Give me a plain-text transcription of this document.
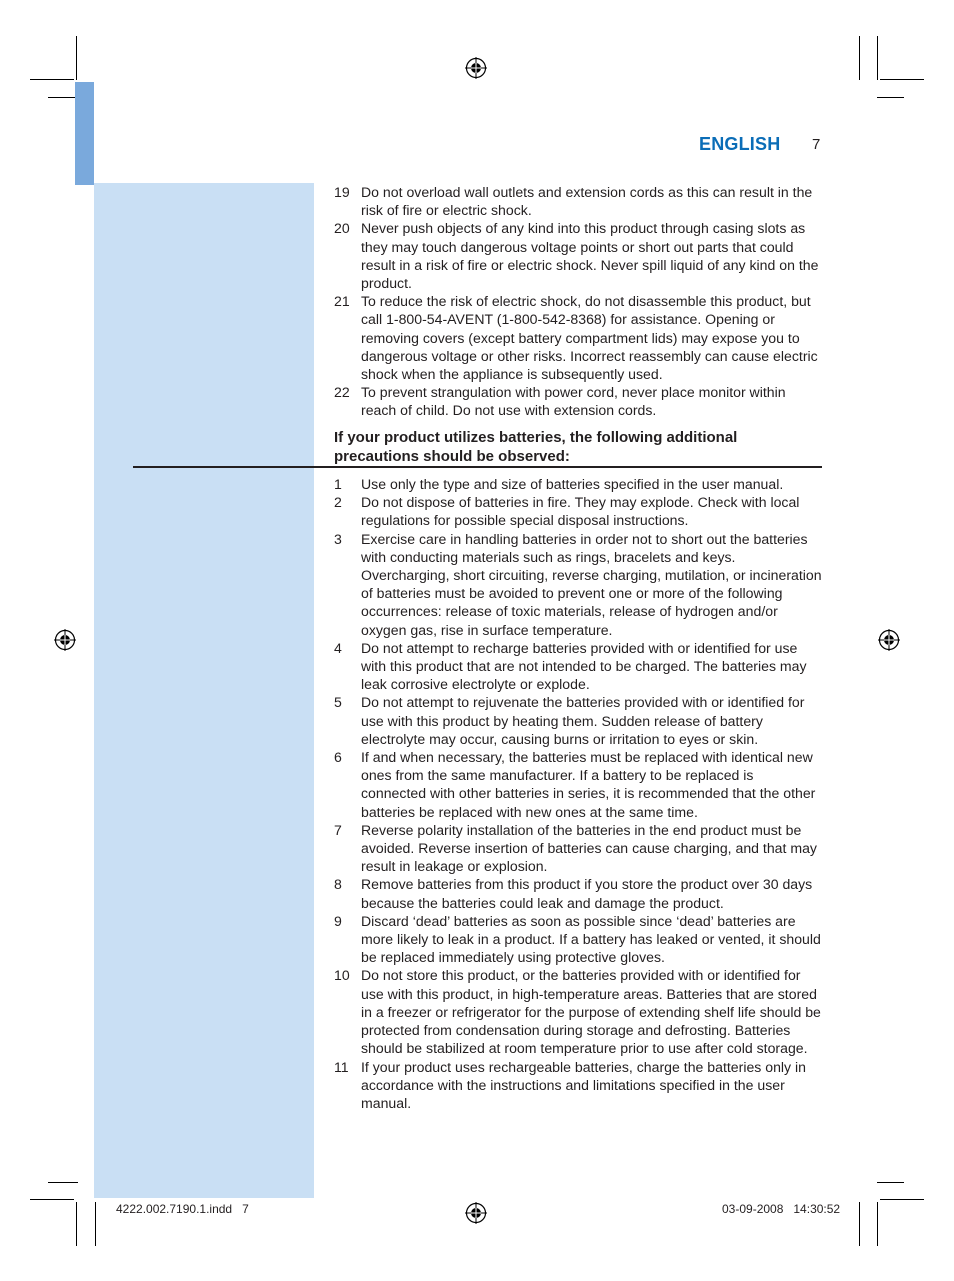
ENGLISH 7
19 Do not overload wall outlets and extension cords as this can result in the risk of fire or electric shock.
20 Never push objects of any kind into this product through casing slots as they may touch dangerous voltage points or short out parts that could result in a risk of fire or electric shock. Never spill liquid of any kind on the product.
21 To reduce the risk of electric shock, do not disassemble this product, but call 1-800-54-AVENT (1-800-542-8368) for assistance. Opening or removing covers (except battery compartment lids) may expose you to dangerous voltage or other risks. Incorrect reassembly can cause electric shock when the appliance is subsequently used.
22 To prevent strangulation with power cord, never place monitor within reach of child. Do not use with extension cords.
If your product utilizes batteries, the following additional precautions should be observed:
1 Use only the type and size of batteries specified in the user manual.
2 Do not dispose of batteries in fire. They may explode. Check with local regulations for possible special disposal instructions.
3 Exercise care in handling batteries in order not to short out the batteries with conducting materials such as rings, bracelets and keys. Overcharging, short circuiting, reverse charging, mutilation, or incineration of batteries must be avoided to prevent one or more of the following occurrences: release of toxic materials, release of hydrogen and/or oxygen gas, rise in surface temperature.
4 Do not attempt to recharge batteries provided with or identified for use with this product that are not intended to be charged. The batteries may leak corrosive electrolyte or explode.
5 Do not attempt to rejuvenate the batteries provided with or identified for use with this product by heating them. Sudden release of battery electrolyte may occur, causing burns or irritation to eyes or skin.
6 If and when necessary, the batteries must be replaced with identical new ones from the same manufacturer. If a battery to be replaced is connected with other batteries in series, it is recommended that the other batteries be replaced with new ones at the same time.
7 Reverse polarity installation of the batteries in the end product must be avoided. Reverse insertion of batteries can cause charging, and that may result in leakage or explosion.
8 Remove batteries from this product if you store the product over 30 days because the batteries could leak and damage the product.
9 Discard ‘dead’ batteries as soon as possible since ‘dead’ batteries are more likely to leak in a product. If a battery has leaked or vented, it should be replaced immediately using protective gloves.
10 Do not store this product, or the batteries provided with or identified for use with this product, in high-temperature areas. Batteries that are stored in a freezer or refrigerator for the purpose of extending shelf life should be protected from condensation during storage and defrosting. Batteries should be stabilized at room temperature prior to use after cold storage.
11 If your product uses rechargeable batteries, charge the batteries only in accordance with the instructions and limitations specified in the user manual.
4222.002.7190.1.indd   7	03-09-2008   14:30:52
